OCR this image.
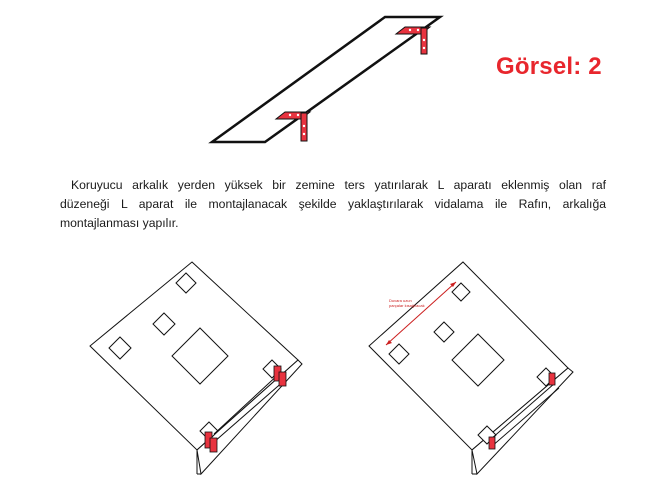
Duvara uzun
parçalar kısağılacak
Görsel: 2
Koruyucu arkalık yerden yüksek bir zemine ters yatırılarak L aparatı eklenmiş olan raf
düzeneği L aparat ile montajlanacak şekilde yaklaştırılarak vidalama ile Rafın, arkalığa
montajlanması yapılır.
